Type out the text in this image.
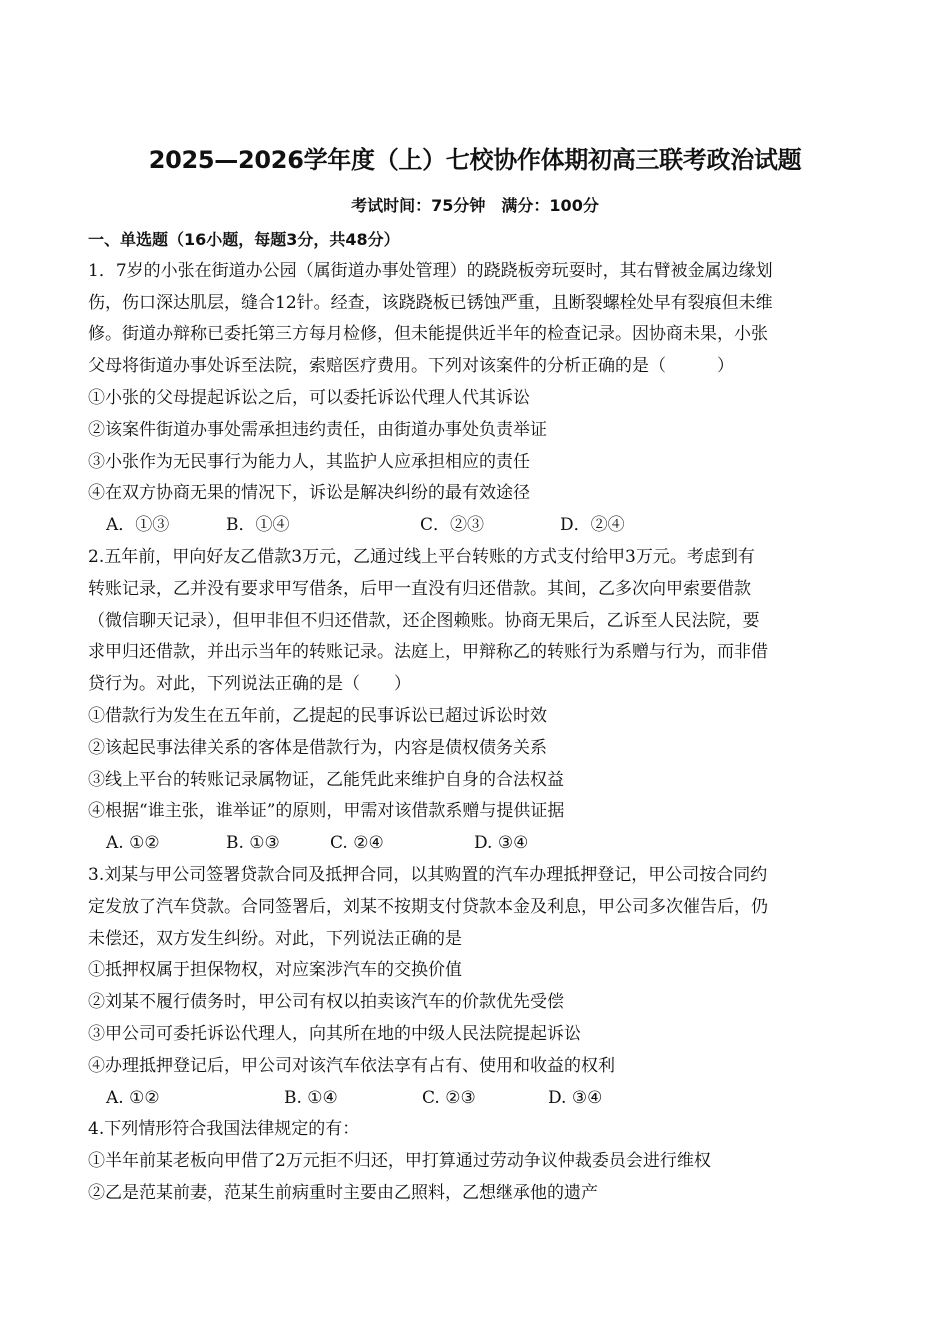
2025—2026学年度（上）七校协作体期初高三联考政治试题
考试时间：75分钟　满分：100分
一、单选题（16小题，每题3分，共48分）
1．7岁的小张在街道办公园（属街道办事处管理）的跷跷板旁玩耍时，其右臂被金属边缘划
伤，伤口深达肌层，缝合12针。经查，该跷跷板已锈蚀严重，且断裂螺栓处早有裂痕但未维
修。街道办辩称已委托第三方每月检修，但未能提供近半年的检查记录。因协商未果，小张
父母将街道办事处诉至法院，索赔医疗费用。下列对该案件的分析正确的是（　　　）
①小张的父母提起诉讼之后，可以委托诉讼代理人代其诉讼
②该案件街道办事处需承担违约责任，由街道办事处负责举证
③小张作为无民事行为能力人，其监护人应承担相应的责任
④在双方协商无果的情况下，诉讼是解决纠纷的最有效途径
A．①③	B．①④	C．②③	D．②④
2.五年前，甲向好友乙借款3万元，乙通过线上平台转账的方式支付给甲3万元。考虑到有
转账记录，乙并没有要求甲写借条，后甲一直没有归还借款。其间，乙多次向甲索要借款
（微信聊天记录），但甲非但不归还借款，还企图赖账。协商无果后，乙诉至人民法院，要
求甲归还借款，并出示当年的转账记录。法庭上，甲辩称乙的转账行为系赠与行为，而非借
贷行为。对此，下列说法正确的是（　　）
①借款行为发生在五年前，乙提起的民事诉讼已超过诉讼时效
②该起民事法律关系的客体是借款行为，内容是债权债务关系
③线上平台的转账记录属物证，乙能凭此来维护自身的合法权益
④根据“谁主张，谁举证”的原则，甲需对该借款系赠与提供证据
A. ①②	B. ①③	C. ②④	D. ③④
3.刘某与甲公司签署贷款合同及抵押合同，以其购置的汽车办理抵押登记，甲公司按合同约
定发放了汽车贷款。合同签署后，刘某不按期支付贷款本金及利息，甲公司多次催告后，仍
未偿还，双方发生纠纷。对此，下列说法正确的是
①抵押权属于担保物权，对应案涉汽车的交换价值
②刘某不履行债务时，甲公司有权以拍卖该汽车的价款优先受偿
③甲公司可委托诉讼代理人，向其所在地的中级人民法院提起诉讼
④办理抵押登记后，甲公司对该汽车依法享有占有、使用和收益的权利
A. ①②	B. ①④	C. ②③	D. ③④
4.下列情形符合我国法律规定的有：
①半年前某老板向甲借了2万元拒不归还，甲打算通过劳动争议仲裁委员会进行维权
②乙是范某前妻，范某生前病重时主要由乙照料，乙想继承他的遗产
